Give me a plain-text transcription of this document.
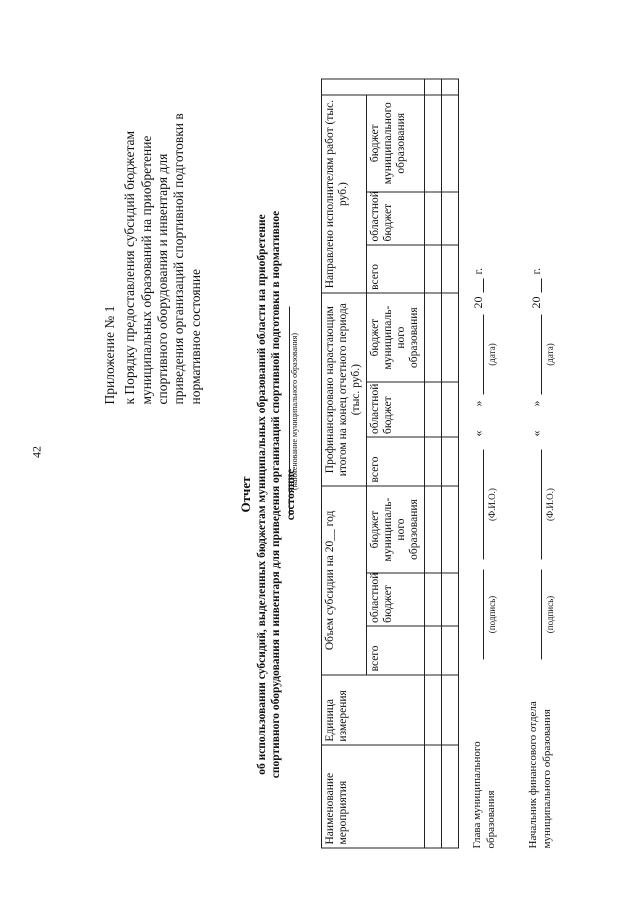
42
Приложение № 1 к Порядку предоставления субсидий бюджетам муниципальных образований на приобретение спортивного оборудования и инвентаря для приведения организаций спортивной подготовки в нормативное состояние
Отчет об использовании субсидий, выделенных бюджетам муниципальных образований области на приобретение спортивного оборудования и инвентаря для приведения организаций спортивной подготовки в нормативное состояние
(наименование муниципального образования)
Наименование мероприятия	Единица измерения	Объем субсидии на 20__ год			Профинансировано нарастающим итогом на конец отчетного периода (тыс. руб.)			Направлено исполнителям работ (тыс. руб.)			
		всего	областной бюджет	бюджет муниципаль-ного образования	всего	областной бюджет	бюджет муниципаль-ного образования	всего	областной бюджет	бюджет муниципального образования	

Глава муниципального образования
(подпись)
(Ф.И.О.)
«
»
(дата)
20
г.
Начальник финансового отдела муниципального образования
(подпись)
(Ф.И.О.)
«
»
(дата)
20
г.
